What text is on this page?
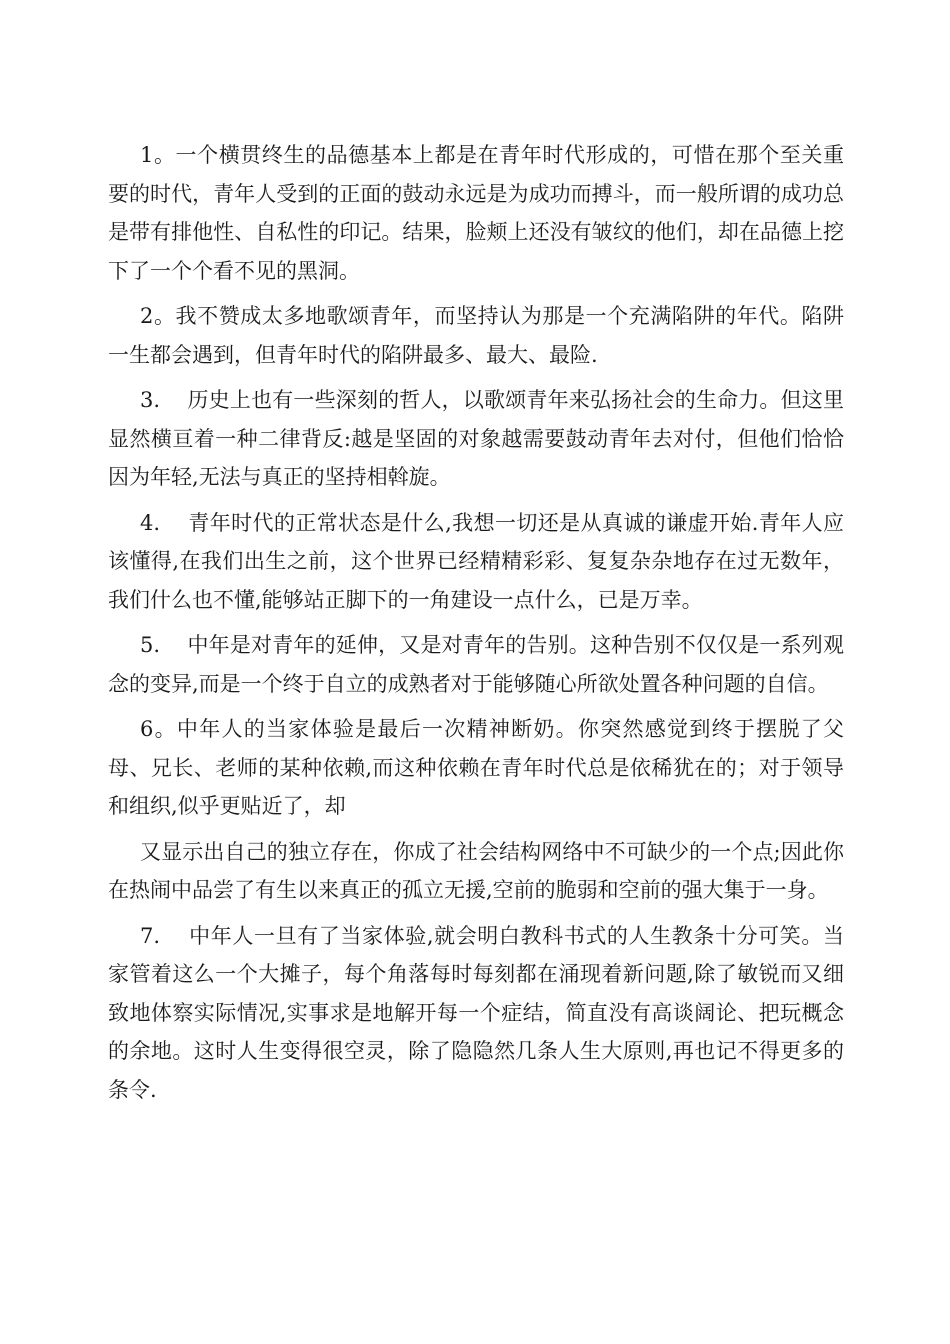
1。一个横贯终生的品德基本上都是在青年时代形成的，可惜在那个至关重要的时代，青年人受到的正面的鼓动永远是为成功而搏斗，而一般所谓的成功总是带有排他性、自私性的印记。结果，脸颊上还没有皱纹的他们，却在品德上挖下了一个个看不见的黑洞。

2。我不赞成太多地歌颂青年，而坚持认为那是一个充满陷阱的年代。陷阱一生都会遇到，但青年时代的陷阱最多、最大、最险.

3.    历史上也有一些深刻的哲人，以歌颂青年来弘扬社会的生命力。但这里显然横亘着一种二律背反:越是坚固的对象越需要鼓动青年去对付，但他们恰恰因为年轻,无法与真正的坚持相斡旋。

4.    青年时代的正常状态是什么,我想一切还是从真诚的谦虚开始.青年人应该懂得,在我们出生之前，这个世界已经精精彩彩、复复杂杂地存在过无数年，我们什么也不懂,能够站正脚下的一角建设一点什么，已是万幸。

5.    中年是对青年的延伸，又是对青年的告别。这种告别不仅仅是一系列观念的变异,而是一个终于自立的成熟者对于能够随心所欲处置各种问题的自信。

6。中年人的当家体验是最后一次精神断奶。你突然感觉到终于摆脱了父母、兄长、老师的某种依赖,而这种依赖在青年时代总是依稀犹在的；对于领导和组织,似乎更贴近了，却

又显示出自己的独立存在，你成了社会结构网络中不可缺少的一个点;因此你在热闹中品尝了有生以来真正的孤立无援,空前的脆弱和空前的强大集于一身。

7.    中年人一旦有了当家体验,就会明白教科书式的人生教条十分可笑。当家管着这么一个大摊子，每个角落每时每刻都在涌现着新问题,除了敏锐而又细致地体察实际情况,实事求是地解开每一个症结，简直没有高谈阔论、把玩概念的余地。这时人生变得很空灵，除了隐隐然几条人生大原则,再也记不得更多的条令.
